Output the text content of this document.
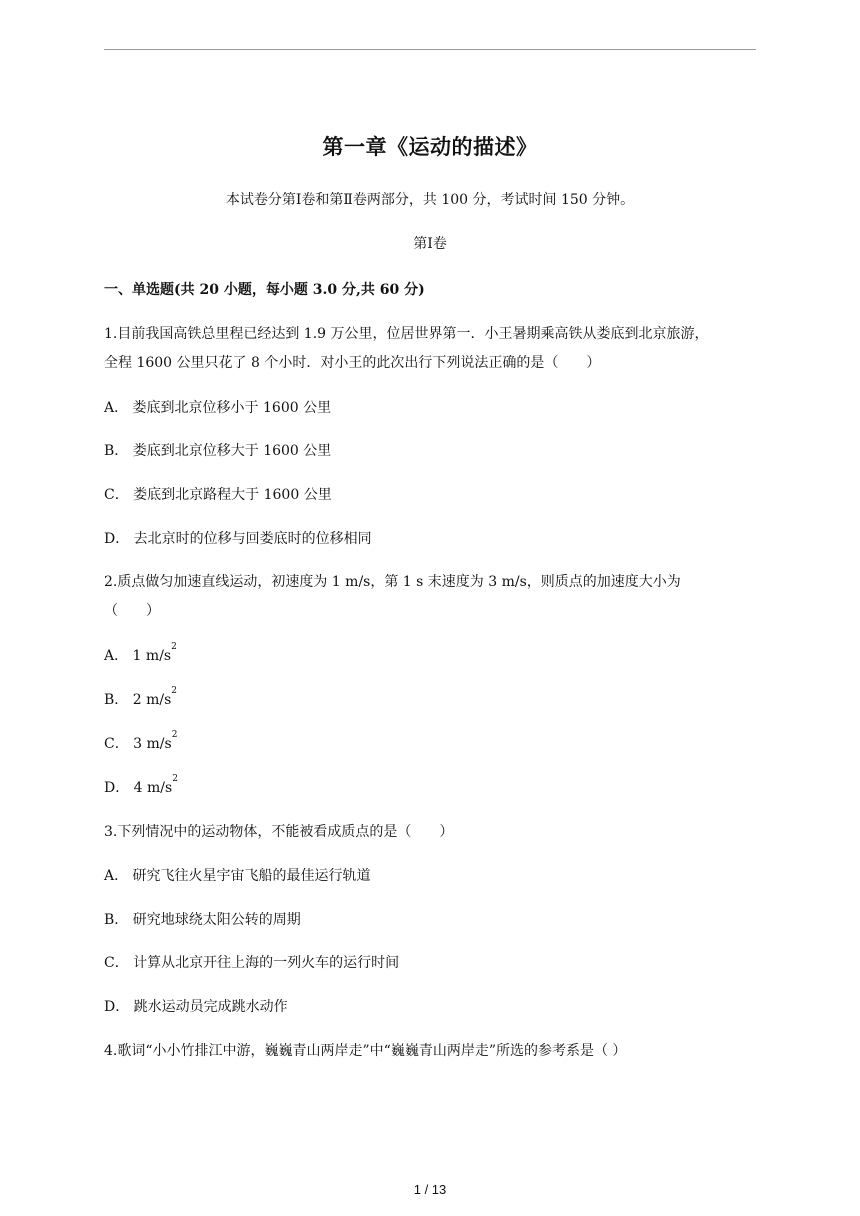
第一章《运动的描述》
本试卷分第Ⅰ卷和第Ⅱ卷两部分，共 100 分，考试时间 150 分钟。
第Ⅰ卷
一、单选题(共 20 小题，每小题 3.0 分,共 60 分)
1.目前我国高铁总里程已经达到 1.9 万公里，位居世界第一．小王暑期乘高铁从娄底到北京旅游，
全程 1600 公里只花了 8 个小时．对小王的此次出行下列说法正确的是（　　）
A． 娄底到北京位移小于 1600 公里
B． 娄底到北京位移大于 1600 公里
C． 娄底到北京路程大于 1600 公里
D． 去北京时的位移与回娄底时的位移相同
2.质点做匀加速直线运动，初速度为 1 m/s，第 1 s 末速度为 3 m/s，则质点的加速度大小为
（　　）
A． 1 $m/s^2$
B． 2 $m/s^2$
C． 3 $m/s^2$
D． 4 $m/s^2$
3.下列情况中的运动物体，不能被看成质点的是（　　）
A． 研究飞往火星宇宙飞船的最佳运行轨道
B． 研究地球绕太阳公转的周期
C． 计算从北京开往上海的一列火车的运行时间
D． 跳水运动员完成跳水动作
4.歌词“小小竹排江中游，巍巍青山两岸走”中“巍巍青山两岸走”所选的参考系是（ ）
1 / 13
